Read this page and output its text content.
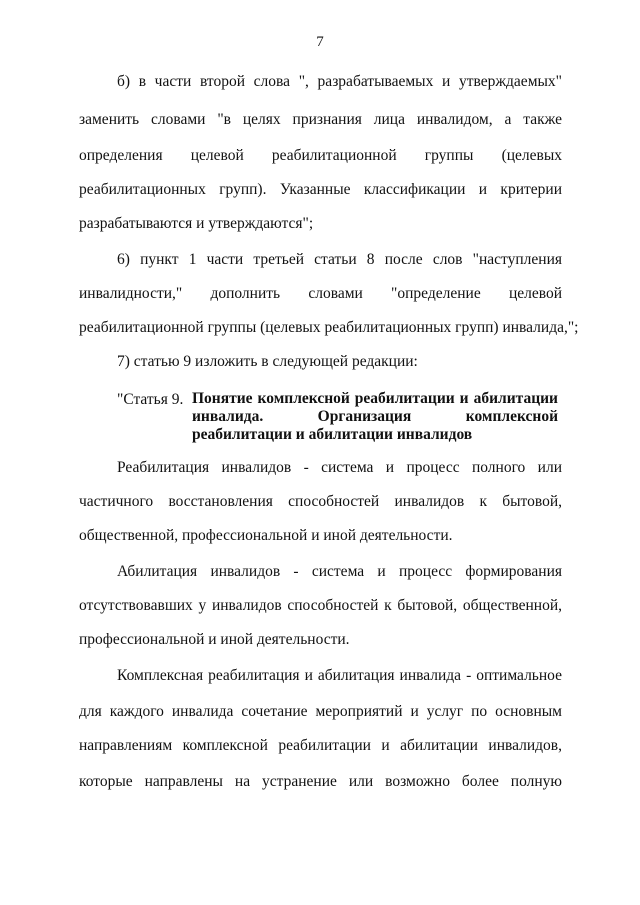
7
б) в части второй слова ", разрабатываемых и утверждаемых"
заменить словами "в целях признания лица инвалидом, а также
определения целевой реабилитационной группы (целевых
реабилитационных групп). Указанные классификации и критерии
разрабатываются и утверждаются";
6) пункт 1 части третьей статьи 8 после слов "наступления
инвалидности," дополнить словами "определение целевой
реабилитационной группы (целевых реабилитационных групп) инвалида,";
7) статью 9 изложить в следующей редакции:
"Статья 9. Понятие комплексной реабилитации и абилитации
инвалида. Организация комплексной
реабилитации и абилитации инвалидов
Реабилитация инвалидов - система и процесс полного или
частичного восстановления способностей инвалидов к бытовой,
общественной, профессиональной и иной деятельности.
Абилитация инвалидов - система и процесс формирования
отсутствовавших у инвалидов способностей к бытовой, общественной,
профессиональной и иной деятельности.
Комплексная реабилитация и абилитация инвалида - оптимальное
для каждого инвалида сочетание мероприятий и услуг по основным
направлениям комплексной реабилитации и абилитации инвалидов,
которые направлены на устранение или возможно более полную
